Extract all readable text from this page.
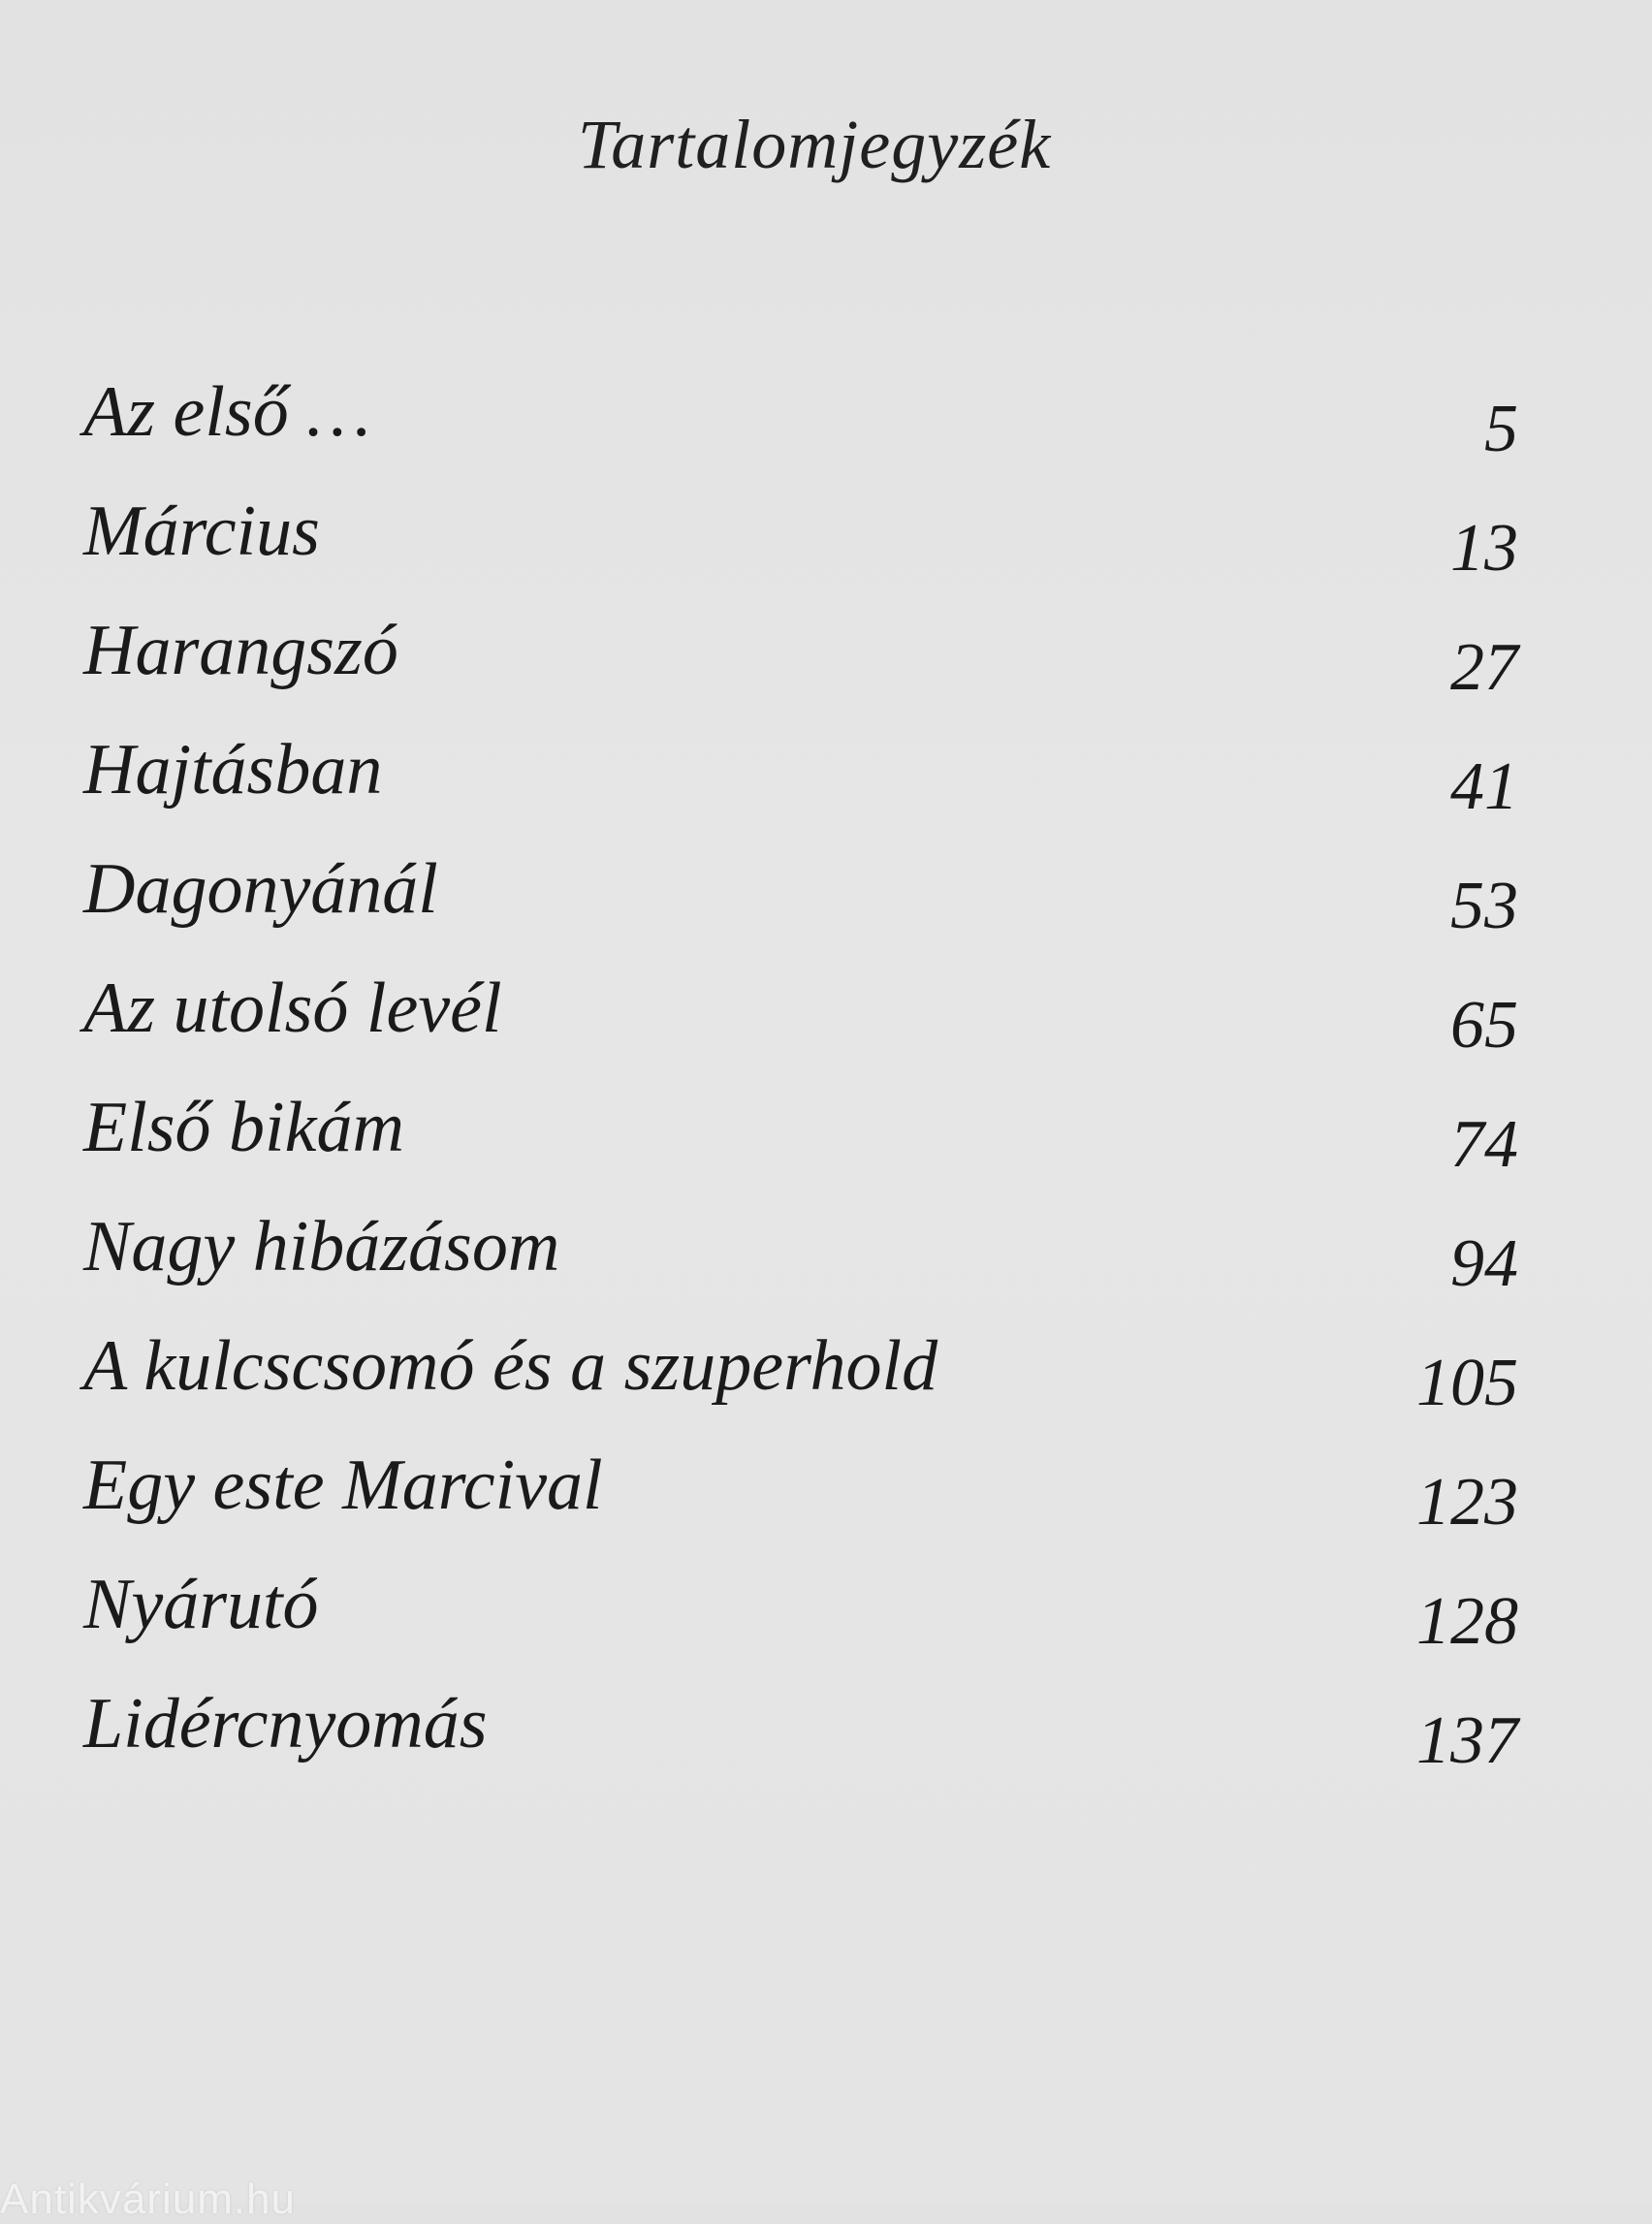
Tartalomjegyzék
Az első …	5
Március	13
Harangszó	27
Hajtásban	41
Dagonyánál	53
Az utolsó levél	65
Első bikám	74
Nagy hibázásom	94
A kulcscsomó és a szuperhold	105
Egy este Marcival	123
Nyárutó	128
Lidércnyomás	137
Antikvárium.hu
